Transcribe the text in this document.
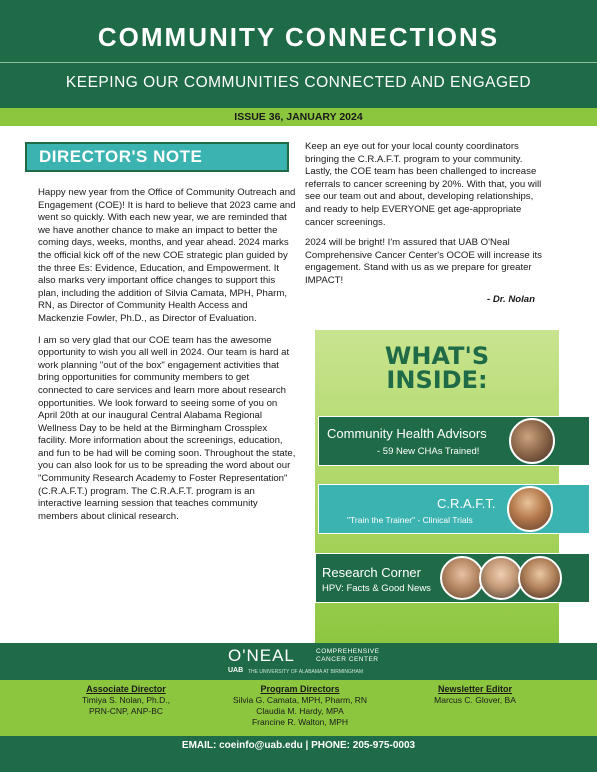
COMMUNITY CONNECTIONS
KEEPING OUR COMMUNITIES CONNECTED AND ENGAGED
ISSUE 36, JANUARY 2024
DIRECTOR'S NOTE

Happy new year from the Office of Community Outreach and Engagement (COE)! It is hard to believe that 2023 came and went so quickly. With each new year, we are reminded that we have another chance to make an impact to better the coming days, weeks, months, and year ahead. 2024 marks the official kick off of the new COE strategic plan guided by the three Es: Evidence, Education, and Empowerment. It also marks very important office changes to support this plan, including the addition of Silvia Camata, MPH, Pharm, RN, as Director of Community Health Access and Mackenzie Fowler, Ph.D., as Director of Evaluation.

I am so very glad that our COE team has the awesome opportunity to wish you all well in 2024. Our team is hard at work planning "out of the box" engagement activities that bring opportunities for community members to get connected to care services and learn more about research opportunities. We look forward to seeing some of you on April 20th at our inaugural Central Alabama Regional Wellness Day to be held at the Birmingham Crossplex facility. More information about the screenings, education, and fun to be had will be coming soon. Throughout the state, you can also look for us to be spreading the word about our "Community Research Academy to Foster Representation" (C.R.A.F.T.) program. The C.R.A.F.T. program is an interactive learning session that teaches community members about clinical research.

Keep an eye out for your local county coordinators bringing the C.R.A.F.T. program to your community. Lastly, the COE team has been challenged to increase referrals to cancer screening by 20%. With that, you will see our team out and about, developing relationships, and ready to help EVERYONE get age-appropriate cancer screenings.

2024 will be bright! I'm assured that UAB O'Neal Comprehensive Cancer Center's OCOE will increase its engagement. Stand with us as we prepare for greater IMPACT!

- Dr. Nolan

WHAT'S
INSIDE:
Community Health Advisors
- 59 New CHAs Trained!
C.R.A.F.T.
"Train the Trainer" - Clinical Trials
Research Corner
HPV: Facts & Good News
O'NEAL	COMPREHENSIVE
CANCER CENTER
UAB THE UNIVERSITY OF ALABAMA AT BIRMINGHAM
Associate Director
Timiya S. Nolan, Ph.D.,
PRN-CNP, ANP-BC
Program Directors
Silvia G. Camata, MPH, Pharm, RN
Claudia M. Hardy, MPA
Francine R. Walton, MPH
Newsletter Editor
Marcus C. Glover, BA
EMAIL: coeinfo@uab.edu | PHONE: 205-975-0003
